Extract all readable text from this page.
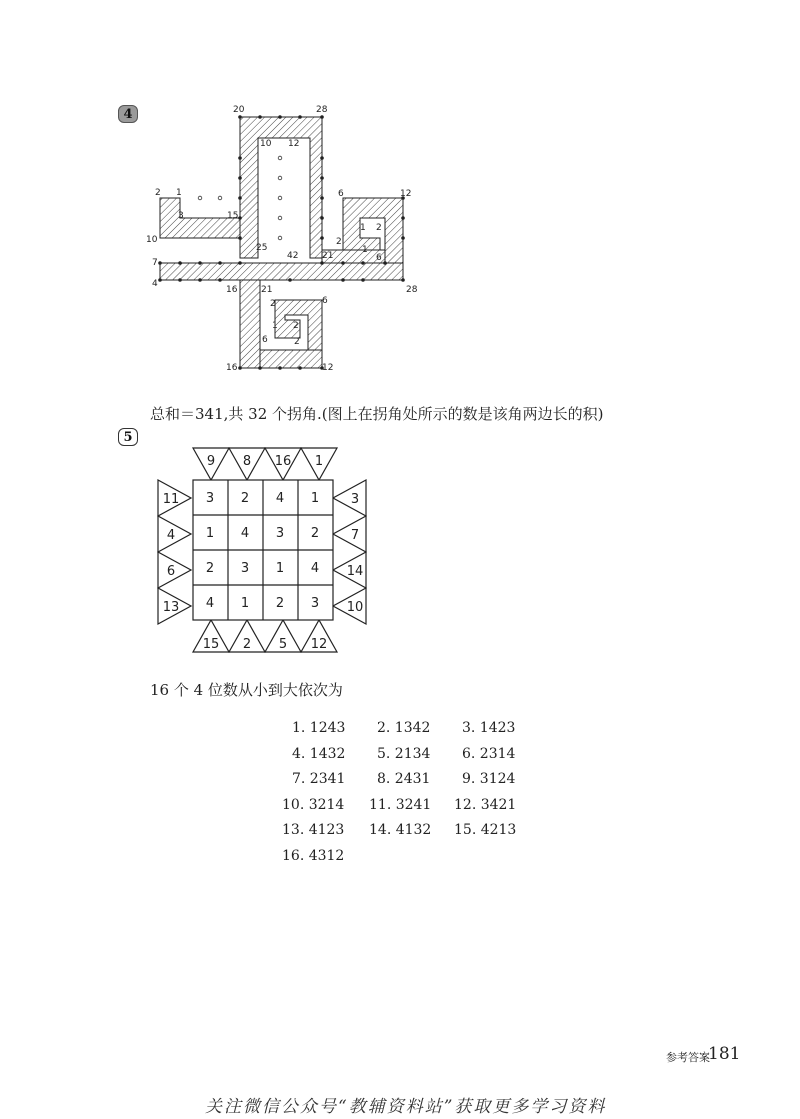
4	20	28
10 12
2 1
3	15
6	12
10
25
42
2
1 2
21
1
6
7
4
16	21	28
2	6
1 2
6	2
16	12
总和＝341,共 32 个拐角.(图上在拐角处所示的数是该角两边长的积)
5
3 2 4 1
1 4 3 2
2 3 1 4
4 1 2 3
9 8 16 1
15 2 5 12
11
4
6
13
3
7
14
10
16 个 4 位数从小到大依次为
1. 1243 2. 1342 3. 1423
4. 1432 5. 2134 6. 2314
7. 2341 8. 2431 9. 3124
10. 3214 11. 3241 12. 3421
13. 4123 14. 4132 15. 4213
16. 4312
参考答案
181
关注微信公众号“教辅资料站”获取更多学习资料
